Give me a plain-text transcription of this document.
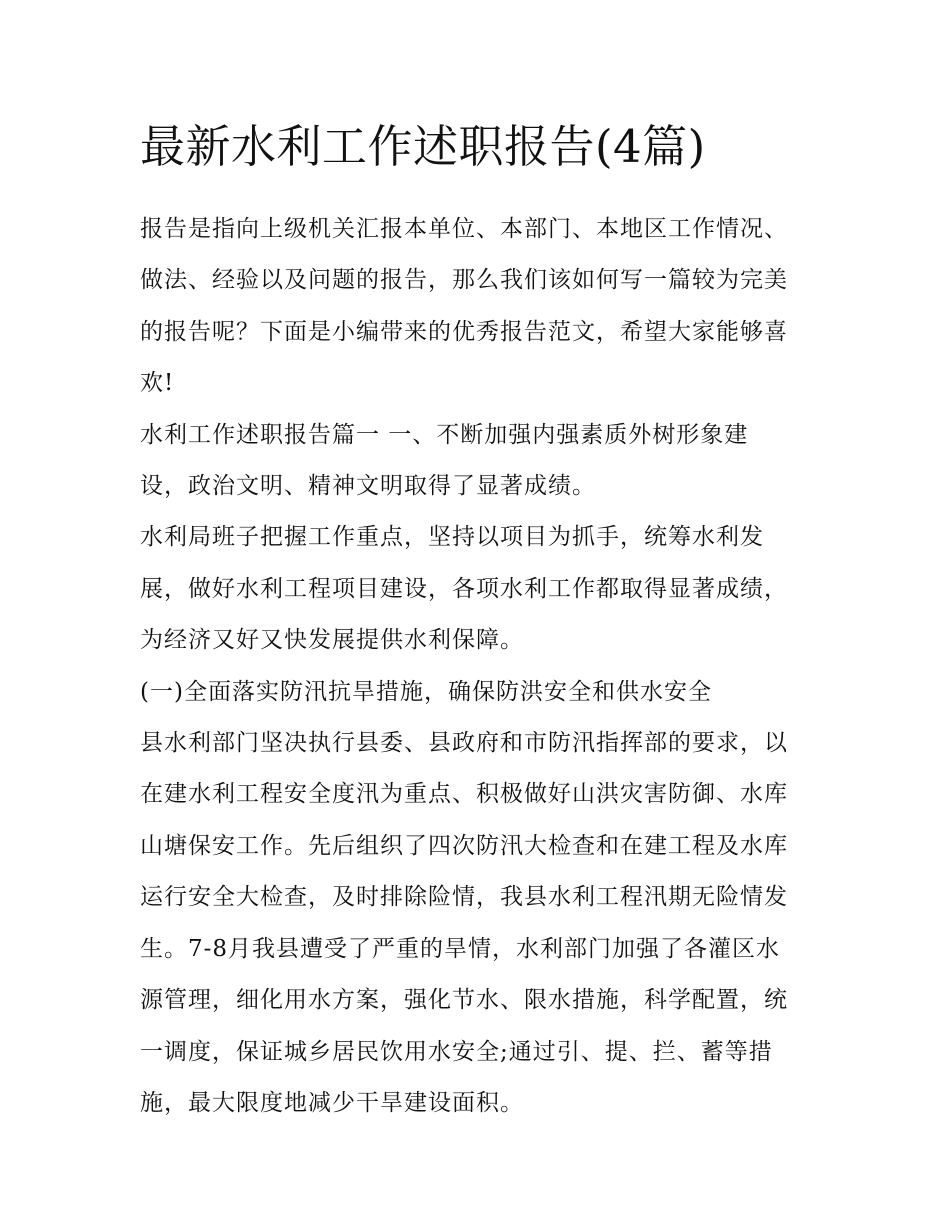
最新水利工作述职报告(4篇)

报告是指向上级机关汇报本单位、本部门、本地区工作情况、
做法、经验以及问题的报告，那么我们该如何写一篇较为完美
的报告呢？下面是小编带来的优秀报告范文，希望大家能够喜
欢!

水利工作述职报告篇一 一、不断加强内强素质外树形象建
设，政治文明、精神文明取得了显著成绩。

水利局班子把握工作重点，坚持以项目为抓手，统筹水利发
展，做好水利工程项目建设，各项水利工作都取得显著成绩，
为经济又好又快发展提供水利保障。

(一)全面落实防汛抗旱措施，确保防洪安全和供水安全

县水利部门坚决执行县委、县政府和市防汛指挥部的要求，以
在建水利工程安全度汛为重点、积极做好山洪灾害防御、水库
山塘保安工作。先后组织了四次防汛大检查和在建工程及水库
运行安全大检查，及时排除险情，我县水利工程汛期无险情发
生。7-8月我县遭受了严重的旱情，水利部门加强了各灌区水
源管理，细化用水方案，强化节水、限水措施，科学配置，统
一调度，保证城乡居民饮用水安全;通过引、提、拦、蓄等措
施，最大限度地减少干旱建设面积。
